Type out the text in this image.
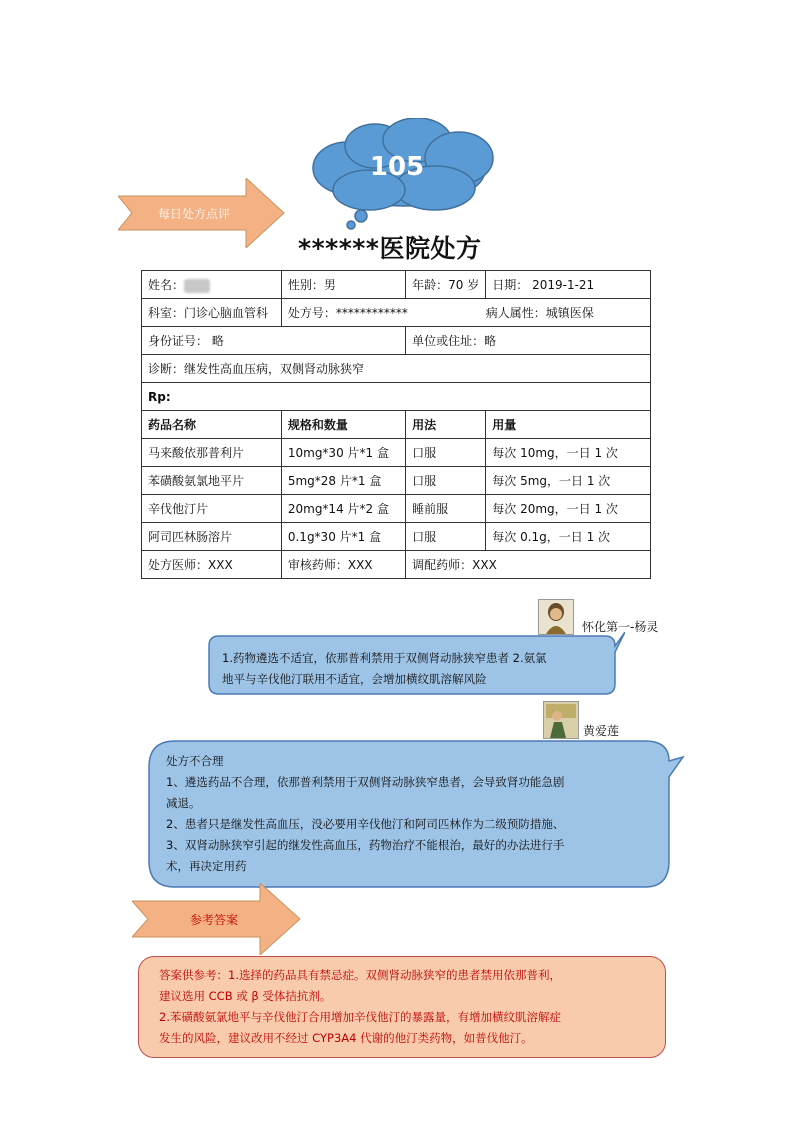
每日处方点评
105
******医院处方
姓名：	性别：男	年龄：70 岁	日期： 2019-1-21
科室：门诊心脑血管科	处方号：************		病人属性：城镇医保
身份证号： 略		单位或住址：略	
诊断：继发性高血压病，双侧肾动脉狭窄			
Rp:			
药品名称	规格和数量	用法	用量
马来酸依那普利片	10mg*30 片*1 盒	口服	每次 10mg，一日 1 次
苯磺酸氨氯地平片	5mg*28 片*1 盒	口服	每次 5mg，一日 1 次
辛伐他汀片	20mg*14 片*2 盒	睡前服	每次 20mg，一日 1 次
阿司匹林肠溶片	0.1g*30 片*1 盒	口服	每次 0.1g，一日 1 次
处方医师：XXX	审核药师：XXX	调配药师：XXX	
怀化第一-杨灵

1.药物遴选不适宜，依那普利禁用于双侧肾动脉狭窄患者 2.氨氯

地平与辛伐他汀联用不适宜，会增加横纹肌溶解风险

黄爱莲

处方不合理

1、遴选药品不合理，依那普利禁用于双侧肾动脉狭窄患者，会导致肾功能急剧

减退。

2、患者只是继发性高血压，没必要用辛伐他汀和阿司匹林作为二级预防措施、

3、双肾动脉狭窄引起的继发性高血压，药物治疗不能根治，最好的办法进行手

术，再决定用药

参考答案

答案供参考：1.选择的药品具有禁忌症。双侧肾动脉狭窄的患者禁用依那普利，

建议选用 CCB 或 β 受体拮抗剂。

2.苯磺酸氨氯地平与辛伐他汀合用增加辛伐他汀的暴露量，有增加横纹肌溶解症

发生的风险，建议改用不经过 CYP3A4 代谢的他汀类药物，如普伐他汀。
